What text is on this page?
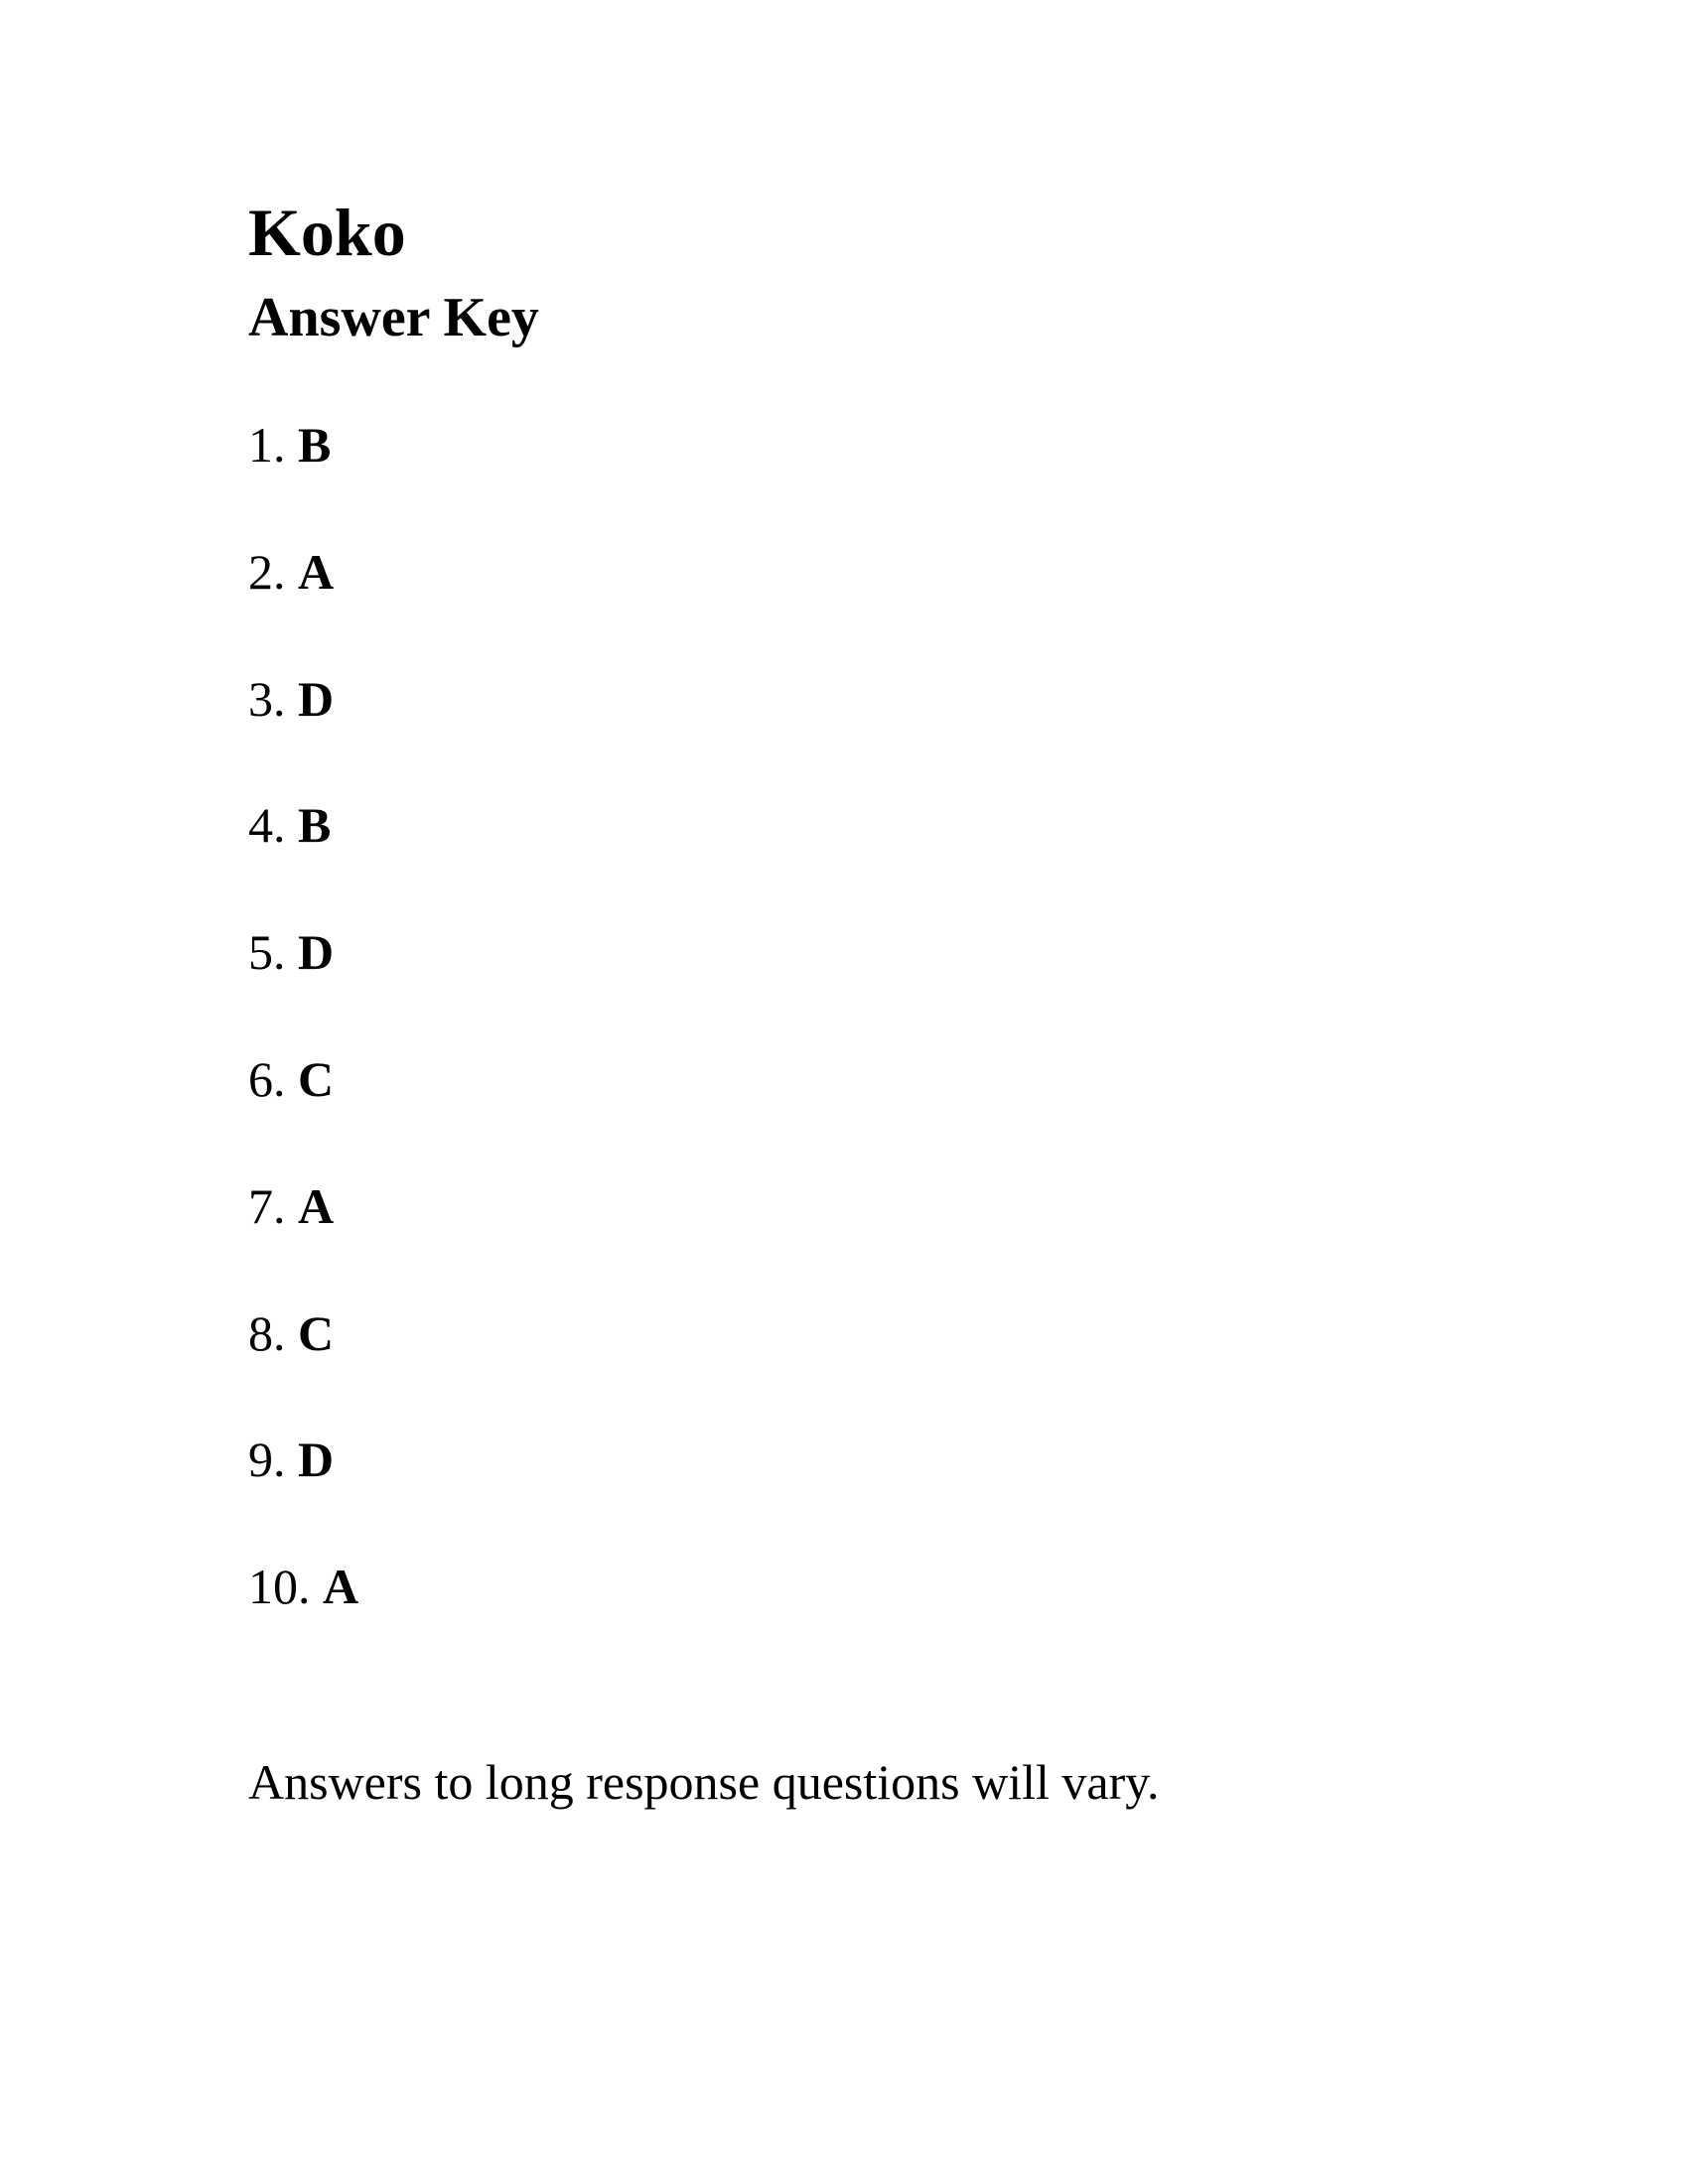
Koko
Answer Key
1. B
2. A
3. D
4. B
5. D
6. C
7. A
8. C
9. D
10. A

Answers to long response questions will vary.
